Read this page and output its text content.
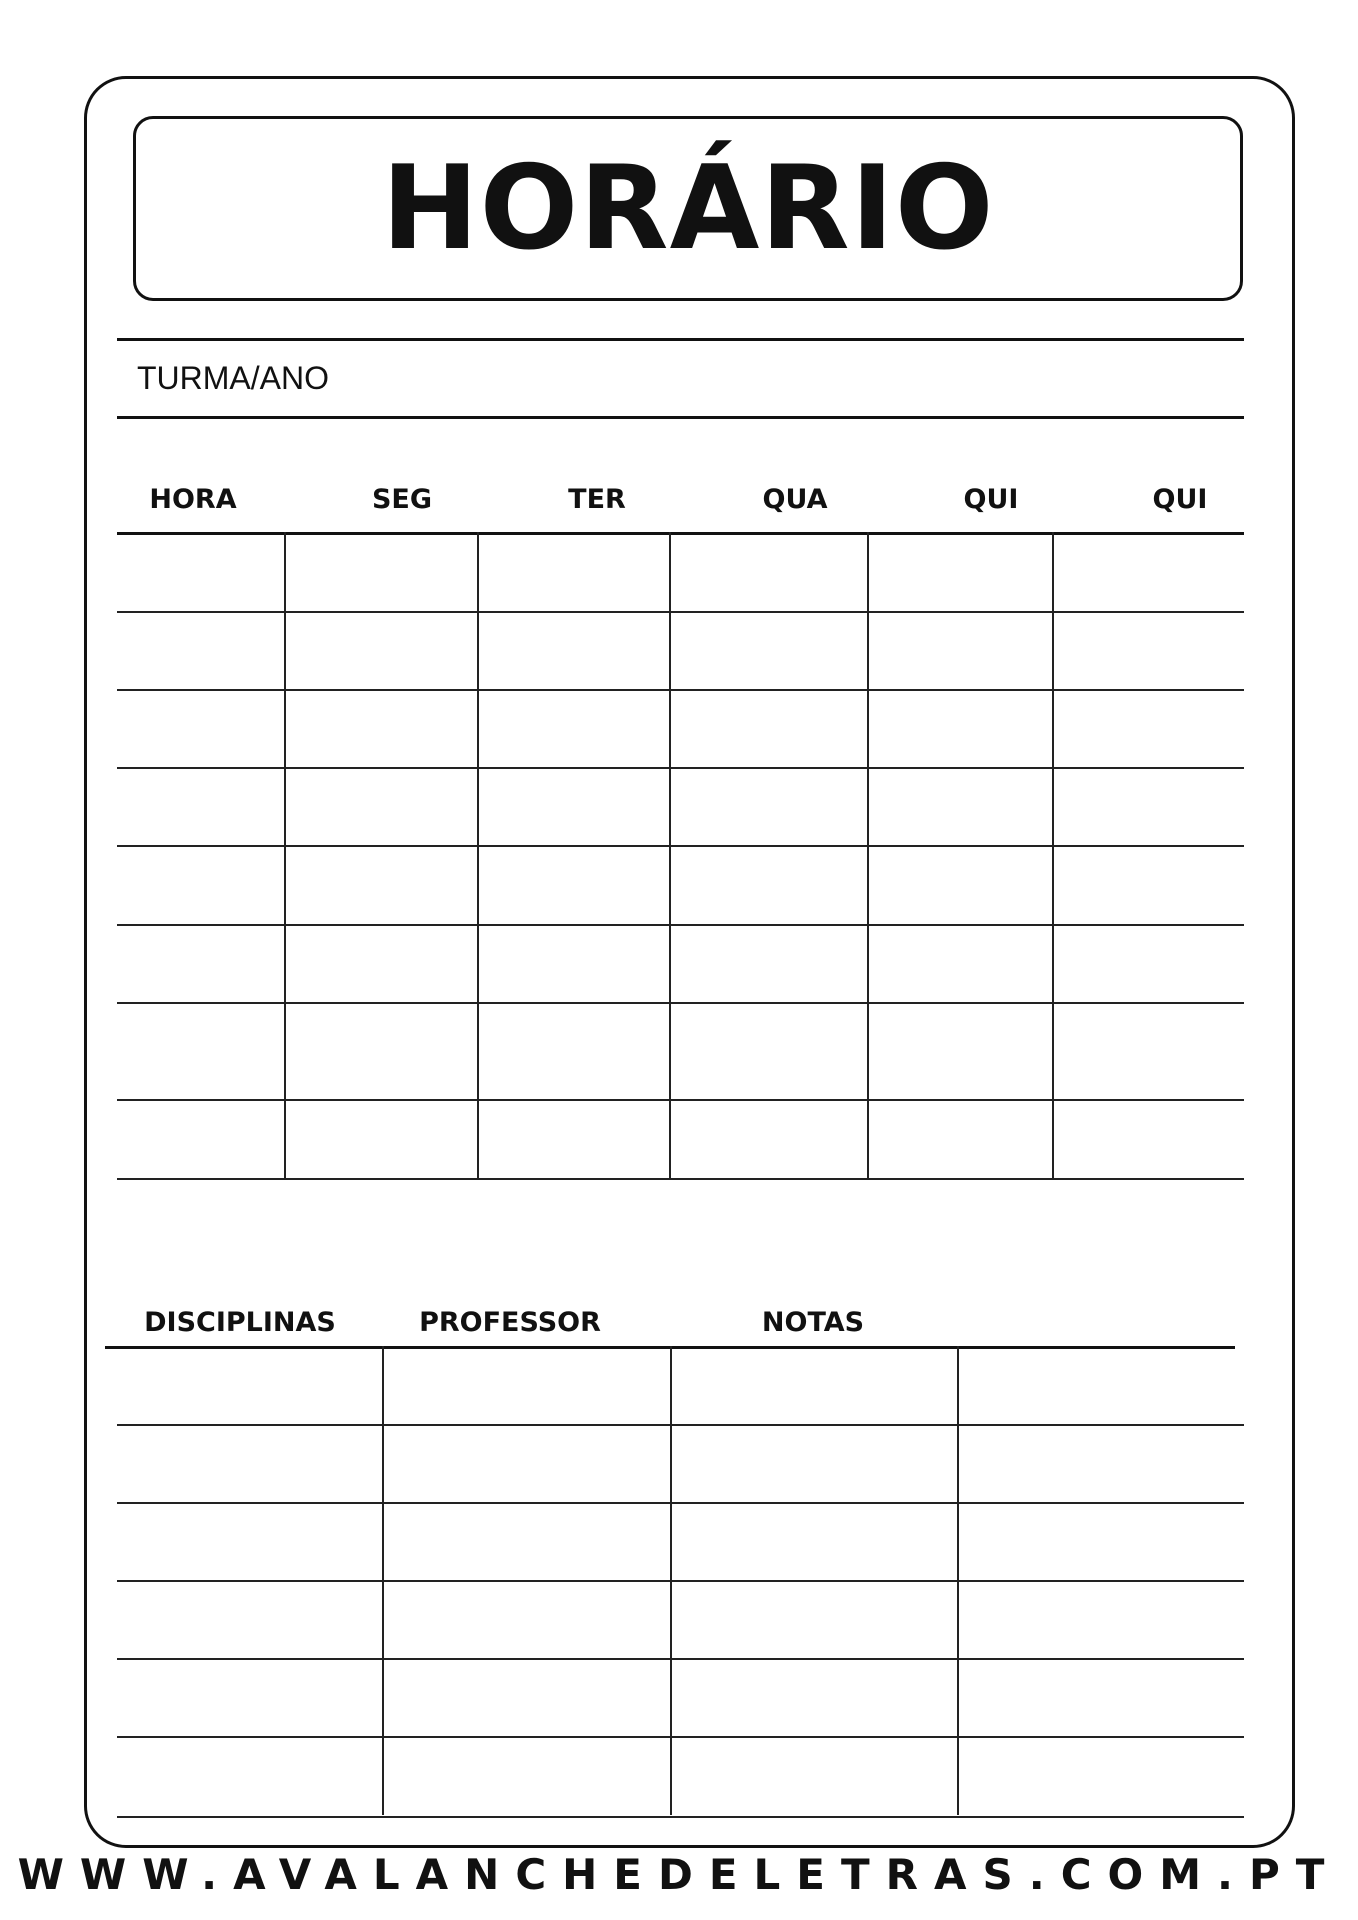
HORÁRIO
TURMA/ANO
HORA	SEG	TER	QUA	QUI	QUI
DISCIPLINAS	PROFESSOR	NOTAS
WWW.AVALANCHEDELETRAS.COM.PT
